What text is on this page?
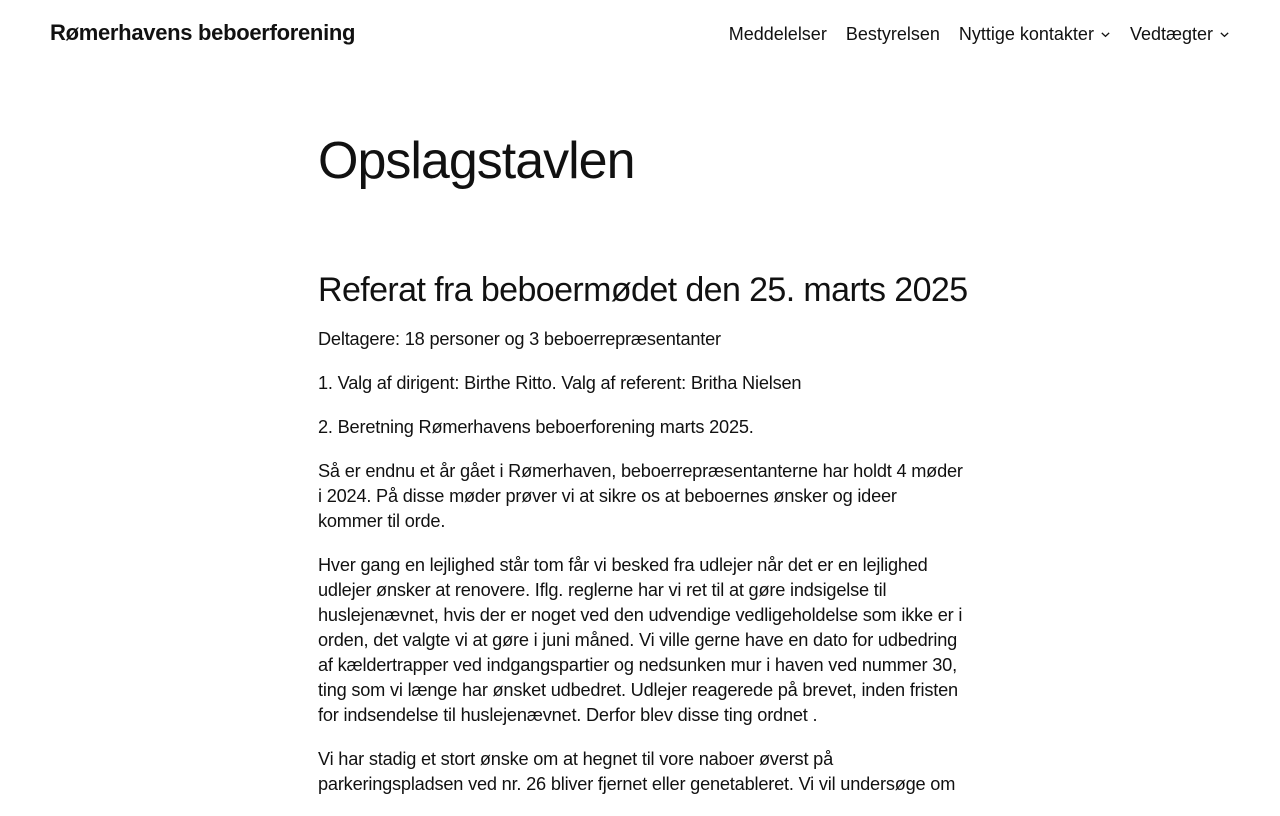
Rømerhavens beboerforening	Meddelelser Bestyrelsen Nyttige kontakter Vedtægter
Opslagstavlen
Referat fra beboermødet den 25. marts 2025

Deltagere: 18 personer og 3 beboerrepræsentanter

1. Valg af dirigent: Birthe Ritto. Valg af referent: Britha Nielsen

2. Beretning Rømerhavens beboerforening marts 2025.

Så er endnu et år gået i Rømerhaven, beboerrepræsentanterne har holdt 4 møder i 2024. På disse møder prøver vi at sikre os at beboernes ønsker og ideer kommer til orde.

Hver gang en lejlighed står tom får vi besked fra udlejer når det er en lejlighed udlejer ønsker at renovere. Iflg. reglerne har vi ret til at gøre indsigelse til huslejenævnet, hvis der er noget ved den udvendige vedligeholdelse som ikke er i orden, det valgte vi at gøre i juni måned. Vi ville gerne have en dato for udbedring af kældertrapper ved indgangspartier og nedsunken mur i haven ved nummer 30, ting som vi længe har ønsket udbedret. Udlejer reagerede på brevet, inden fristen for indsendelse til huslejenævnet. Derfor blev disse ting ordnet .

Vi har stadig et stort ønske om at hegnet til vore naboer øverst på parkeringspladsen ved nr. 26 bliver fjernet eller genetableret. Vi vil undersøge om
